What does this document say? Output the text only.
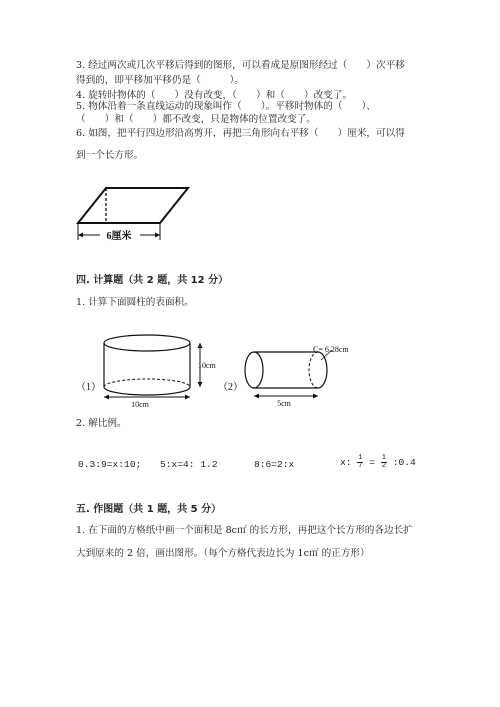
3. 经过两次或几次平移后得到的图形，可以看成是原图形经过（　　）次平移
得到的，即平移加平移仍是（　　　）。
4. 旋转时物体的（　　）没有改变，（　　）和（　　）改变了。
5. 物体沿着一条直线运动的现象叫作（　　）。平移时物体的（　　）、
（　　）和（　　）都不改变，只是物体的位置改变了。
6. 如图，把平行四边形沿高剪开，再把三角形向右平移（　　）厘米，可以得
到一个长方形。
6厘米
四. 计算题（共 2 题，共 12 分）
1. 计算下面圆柱的表面积。
（1）
10cm
10cm
（2）
C= 6.28cm
5cm
2. 解比例。
0.3:9=x:10; 5:x=4: 1.2	8:6=2:x	x: $\frac{1}{7} = \frac{1}{2}$ :0.4
五. 作图题（共 1 题，共 5 分）
1. 在下面的方格纸中画一个面积是 8c㎡ 的长方形，再把这个长方形的各边长扩
大到原来的 2 倍，画出图形。（每个方格代表边长为 1c㎡ 的正方形）
